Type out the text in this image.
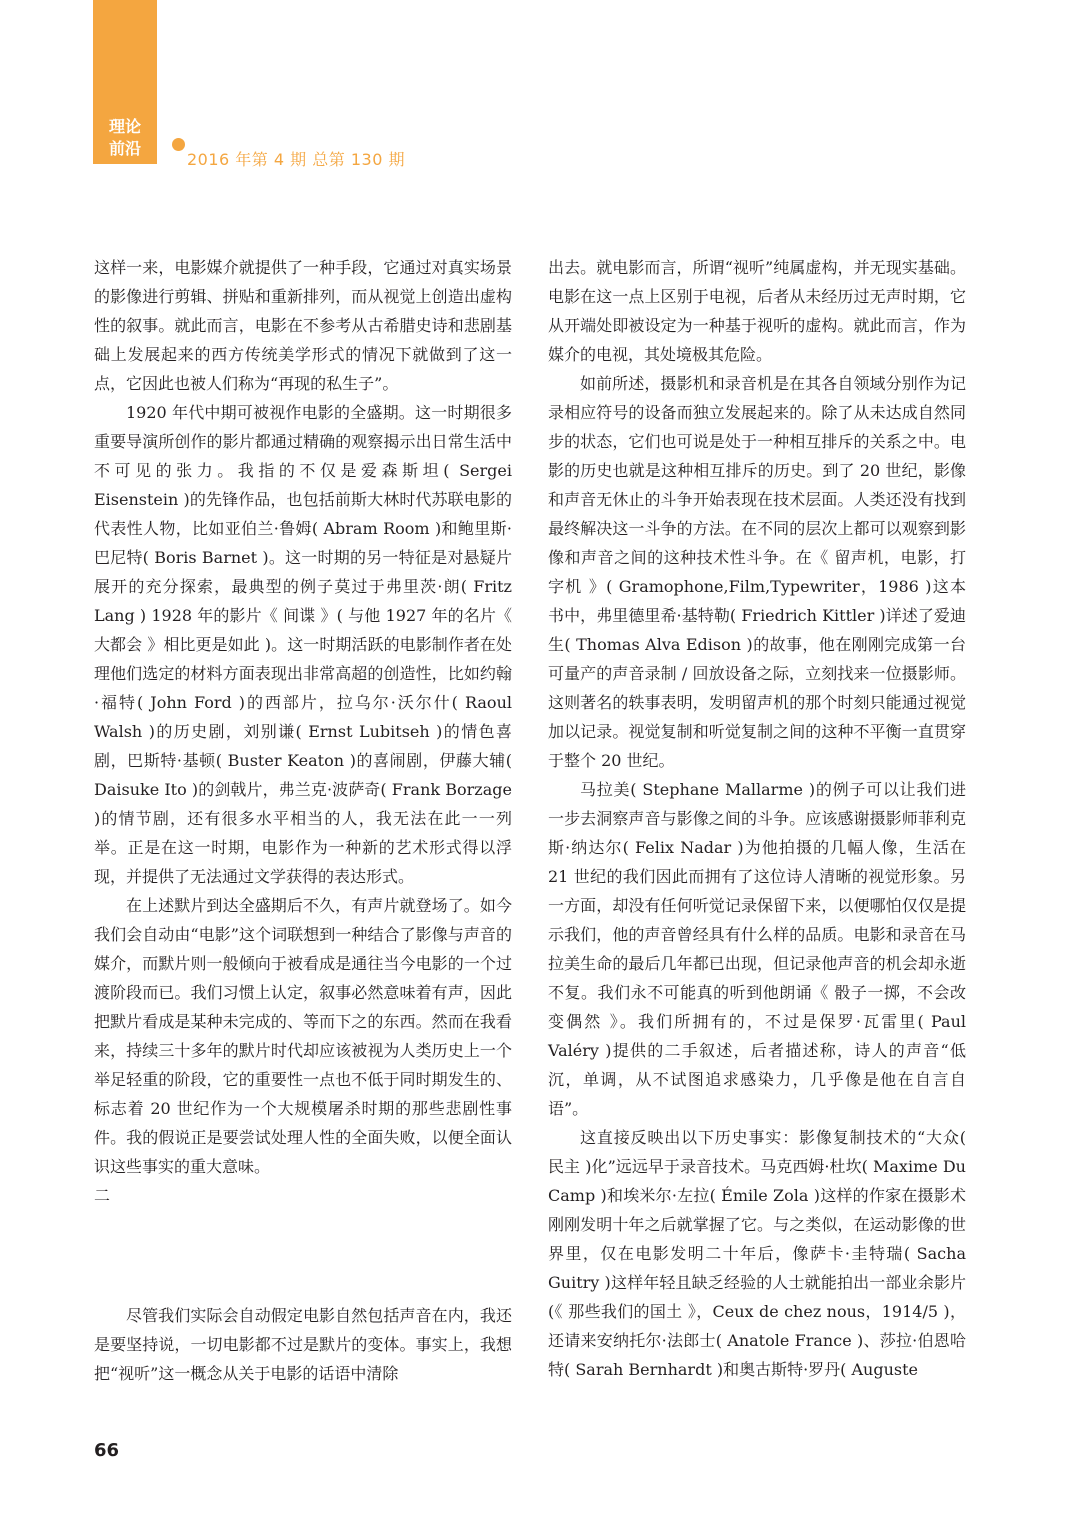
理论
前沿
2016 年第 4 期 总第 130 期

这样一来，电影媒介就提供了一种手段，它通过对真实场景的影像进行剪辑、拼贴和重新排列，而从视觉上创造出虚构性的叙事。就此而言，电影在不参考从古希腊史诗和悲剧基础上发展起来的西方传统美学形式的情况下就做到了这一点，它因此也被人们称为“再现的私生子”。

1920 年代中期可被视作电影的全盛期。这一时期很多重要导演所创作的影片都通过精确的观察揭示出日常生活中不可见的张力。我指的不仅是爱森斯坦( Sergei Eisenstein )的先锋作品，也包括前斯大林时代苏联电影的代表性人物，比如亚伯兰·鲁姆( Abram Room )和鲍里斯·巴尼特( Boris Barnet )。这一时期的另一特征是对悬疑片展开的充分探索，最典型的例子莫过于弗里茨·朗( Fritz Lang ) 1928 年的影片《 间谍 》( 与他 1927 年的名片《 大都会 》相比更是如此 )。这一时期活跃的电影制作者在处理他们选定的材料方面表现出非常高超的创造性，比如约翰·福特( John Ford )的西部片，拉乌尔·沃尔什( Raoul Walsh )的历史剧，刘别谦( Ernst Lubitseh )的情色喜剧，巴斯特·基顿( Buster Keaton )的喜闹剧，伊藤大辅( Daisuke Ito )的剑戟片，弗兰克·波萨奇( Frank Borzage )的情节剧，还有很多水平相当的人，我无法在此一一列举。正是在这一时期，电影作为一种新的艺术形式得以浮现，并提供了无法通过文学获得的表达形式。

在上述默片到达全盛期后不久，有声片就登场了。如今我们会自动由“电影”这个词联想到一种结合了影像与声音的媒介，而默片则一般倾向于被看成是通往当今电影的一个过渡阶段而已。我们习惯上认定，叙事必然意味着有声，因此把默片看成是某种未完成的、等而下之的东西。然而在我看来，持续三十多年的默片时代却应该被视为人类历史上一个举足轻重的阶段，它的重要性一点也不低于同时期发生的、标志着 20 世纪作为一个大规模屠杀时期的那些悲剧性事件。我的假说正是要尝试处理人性的全面失败，以便全面认识这些事实的重大意味。

二

尽管我们实际会自动假定电影自然包括声音在内，我还是要坚持说，一切电影都不过是默片的变体。事实上，我想把“视听”这一概念从关于电影的话语中清除

出去。就电影而言，所谓“视听”纯属虚构，并无现实基础。电影在这一点上区别于电视，后者从未经历过无声时期，它从开端处即被设定为一种基于视听的虚构。就此而言，作为媒介的电视，其处境极其危险。

如前所述，摄影机和录音机是在其各自领域分别作为记录相应符号的设备而独立发展起来的。除了从未达成自然同步的状态，它们也可说是处于一种相互排斥的关系之中。电影的历史也就是这种相互排斥的历史。到了 20 世纪，影像和声音无休止的斗争开始表现在技术层面。人类还没有找到最终解决这一斗争的方法。在不同的层次上都可以观察到影像和声音之间的这种技术性斗争。在《 留声机，电影，打字机 》( Gramophone,Film,Typewriter，1986 )这本书中，弗里德里希·基特勒( Friedrich Kittler )详述了爱迪生( Thomas Alva Edison )的故事，他在刚刚完成第一台可量产的声音录制 / 回放设备之际，立刻找来一位摄影师。这则著名的轶事表明，发明留声机的那个时刻只能通过视觉加以记录。视觉复制和听觉复制之间的这种不平衡一直贯穿于整个 20 世纪。

马拉美( Stephane Mallarme )的例子可以让我们进一步去洞察声音与影像之间的斗争。应该感谢摄影师菲利克斯·纳达尔( Felix Nadar )为他拍摄的几幅人像，生活在 21 世纪的我们因此而拥有了这位诗人清晰的视觉形象。另一方面，却没有任何听觉记录保留下来，以便哪怕仅仅是提示我们，他的声音曾经具有什么样的品质。电影和录音在马拉美生命的最后几年都已出现，但记录他声音的机会却永逝不复。我们永不可能真的听到他朗诵《 骰子一掷，不会改变偶然 》。我们所拥有的，不过是保罗·瓦雷里( Paul Valéry )提供的二手叙述，后者描述称，诗人的声音“低沉，单调，从不试图追求感染力，几乎像是他在自言自语”。

这直接反映出以下历史事实：影像复制技术的“大众( 民主 )化”远远早于录音技术。马克西姆·杜坎( Maxime Du Camp )和埃米尔·左拉( Émile Zola )这样的作家在摄影术刚刚发明十年之后就掌握了它。与之类似，在运动影像的世界里，仅在电影发明二十年后，像萨卡·圭特瑞( Sacha Guitry )这样年轻且缺乏经验的人士就能拍出一部业余影片(《 那些我们的国土 》，Ceux de chez nous，1914/5 )，还请来安纳托尔·法郎士( Anatole France )、莎拉·伯恩哈特( Sarah Bernhardt )和奥古斯特·罗丹( Auguste

66
